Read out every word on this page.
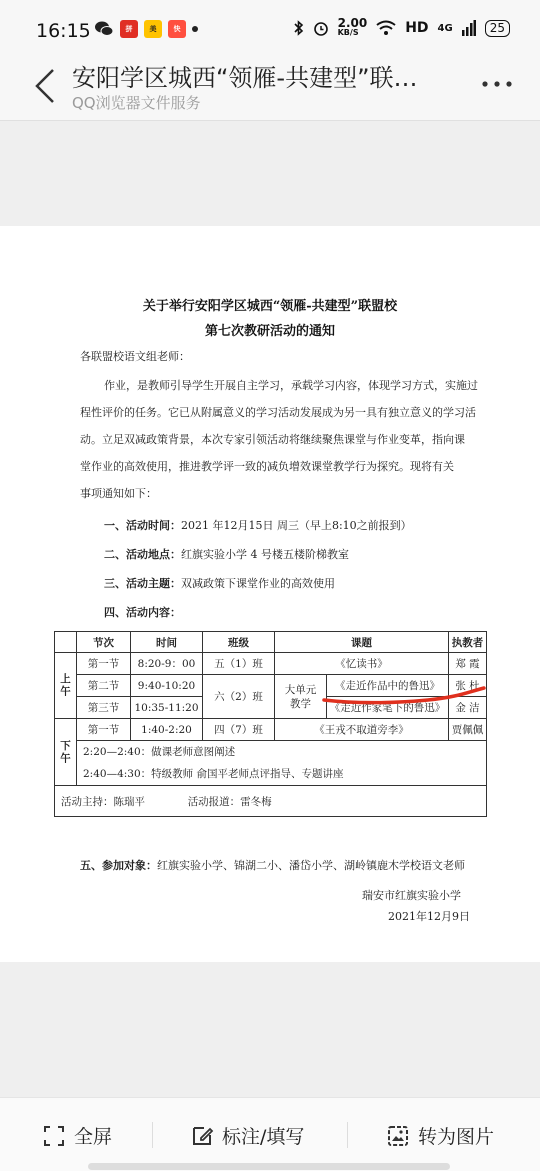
16:15	拼	美	快	2.00
KB/S	HD 4G	25
安阳学区城西“领雁-共建型”联…
QQ浏览器文件服务
关于举行安阳学区城西“领雁-共建型”联盟校
第七次教研活动的通知
各联盟校语文组老师：
作业，是教师引导学生开展自主学习，承载学习内容，体现学习方式，实施过
程性评价的任务。它已从附属意义的学习活动发展成为另一具有独立意义的学习活
动。立足双减政策背景，本次专家引领活动将继续聚焦课堂与作业变革，指向课
堂作业的高效使用，推进教学评一致的减负增效课堂教学行为探究。现将有关
事项通知如下：
一、活动时间：2021 年12月15日 周三（早上8:10之前报到）
二、活动地点：红旗实验小学 4 号楼五楼阶梯教室
三、活动主题：双减政策下课堂作业的高效使用
四、活动内容：
	节次	时间	班级	课题		执教者
上午	第一节	8:20-9：00	五（1）班	《忆读书》		郑 霞
	第二节	9:40-10:20	六（2）班	大单元教学	《走近作品中的鲁迅》	张 杜
	第三节	10:35-11:20			《走近作家笔下的鲁迅》	金 洁
下午	第一节	1:40-2:20	四（7）班	《王戎不取道旁李》		贾佩佩

	2:20—2:40：做课老师意图阐述
2:40—4:30：特级教师 俞国平老师点评指导、专题讲座					

活动主持：陈瑞平 活动报道：雷冬梅						
五、参加对象：红旗实验小学、锦湖二小、潘岱小学、湖岭镇鹿木学校语文老师
瑞安市红旗实验小学
2021年12月9日
全屏	标注/填写	转为图片
